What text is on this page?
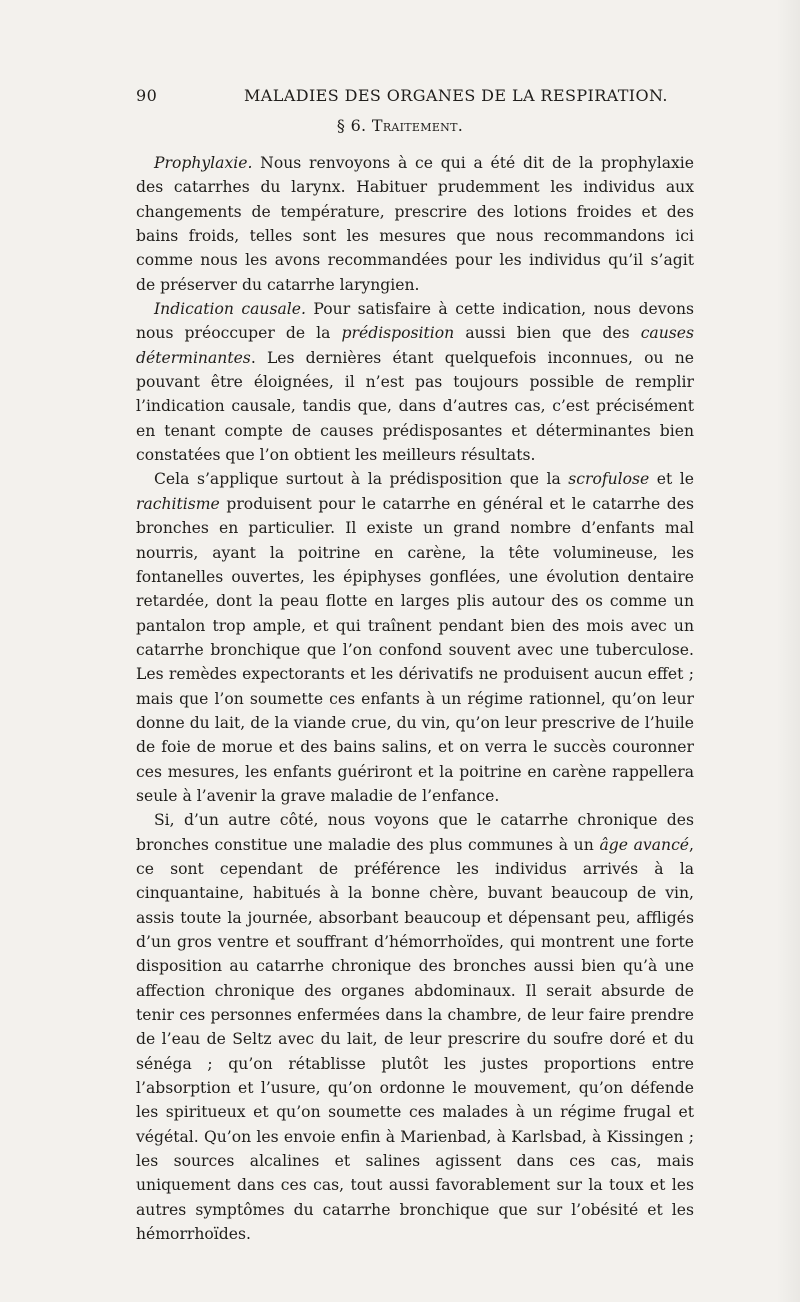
90	MALADIES DES ORGANES DE LA RESPIRATION.
§ 6. Traitement.

Prophylaxie. Nous renvoyons à ce qui a été dit de la prophylaxie des catarrhes du larynx. Habituer prudemment les individus aux changements de température, prescrire des lotions froides et des bains froids, telles sont les mesures que nous recommandons ici comme nous les avons recommandées pour les individus qu’il s’agit de préserver du catarrhe laryngien.

Indication causale. Pour satisfaire à cette indication, nous devons nous préoccuper de la prédisposition aussi bien que des causes déterminantes. Les dernières étant quelquefois inconnues, ou ne pouvant être éloignées, il n’est pas toujours possible de remplir l’indication causale, tandis que, dans d’autres cas, c’est précisément en tenant compte de causes prédisposantes et déterminantes bien constatées que l’on obtient les meilleurs résultats.

Cela s’applique surtout à la prédisposition que la scrofulose et le rachitisme produisent pour le catarrhe en général et le catarrhe des bronches en particulier. Il existe un grand nombre d’enfants mal nourris, ayant la poitrine en carène, la tête volumineuse, les fontanelles ouvertes, les épiphyses gonflées, une évolution dentaire retardée, dont la peau flotte en larges plis autour des os comme un pantalon trop ample, et qui traînent pendant bien des mois avec un catarrhe bronchique que l’on confond souvent avec une tuberculose. Les remèdes expectorants et les dérivatifs ne produisent aucun effet ; mais que l’on soumette ces enfants à un régime rationnel, qu’on leur donne du lait, de la viande crue, du vin, qu’on leur prescrive de l’huile de foie de morue et des bains salins, et on verra le succès couronner ces mesures, les enfants guériront et la poitrine en carène rappellera seule à l’avenir la grave maladie de l’enfance.

Si, d’un autre côté, nous voyons que le catarrhe chronique des bronches constitue une maladie des plus communes à un âge avancé, ce sont cependant de préférence les individus arrivés à la cinquantaine, habitués à la bonne chère, buvant beaucoup de vin, assis toute la journée, absorbant beaucoup et dépensant peu, affligés d’un gros ventre et souffrant d’hémorrhoïdes, qui montrent une forte disposition au catarrhe chronique des bronches aussi bien qu’à une affection chronique des organes abdominaux. Il serait absurde de tenir ces personnes enfermées dans la chambre, de leur faire prendre de l’eau de Seltz avec du lait, de leur prescrire du soufre doré et du sénéga ; qu’on rétablisse plutôt les justes proportions entre l’absorption et l’usure, qu’on ordonne le mouvement, qu’on défende les spiritueux et qu’on soumette ces malades à un régime frugal et végétal. Qu’on les envoie enfin à Marienbad, à Karlsbad, à Kissingen ; les sources alcalines et salines agissent dans ces cas, mais uniquement dans ces cas, tout aussi favorablement sur la toux et les autres symptômes du catarrhe bronchique que sur l’obésité et les hémorrhoïdes.
